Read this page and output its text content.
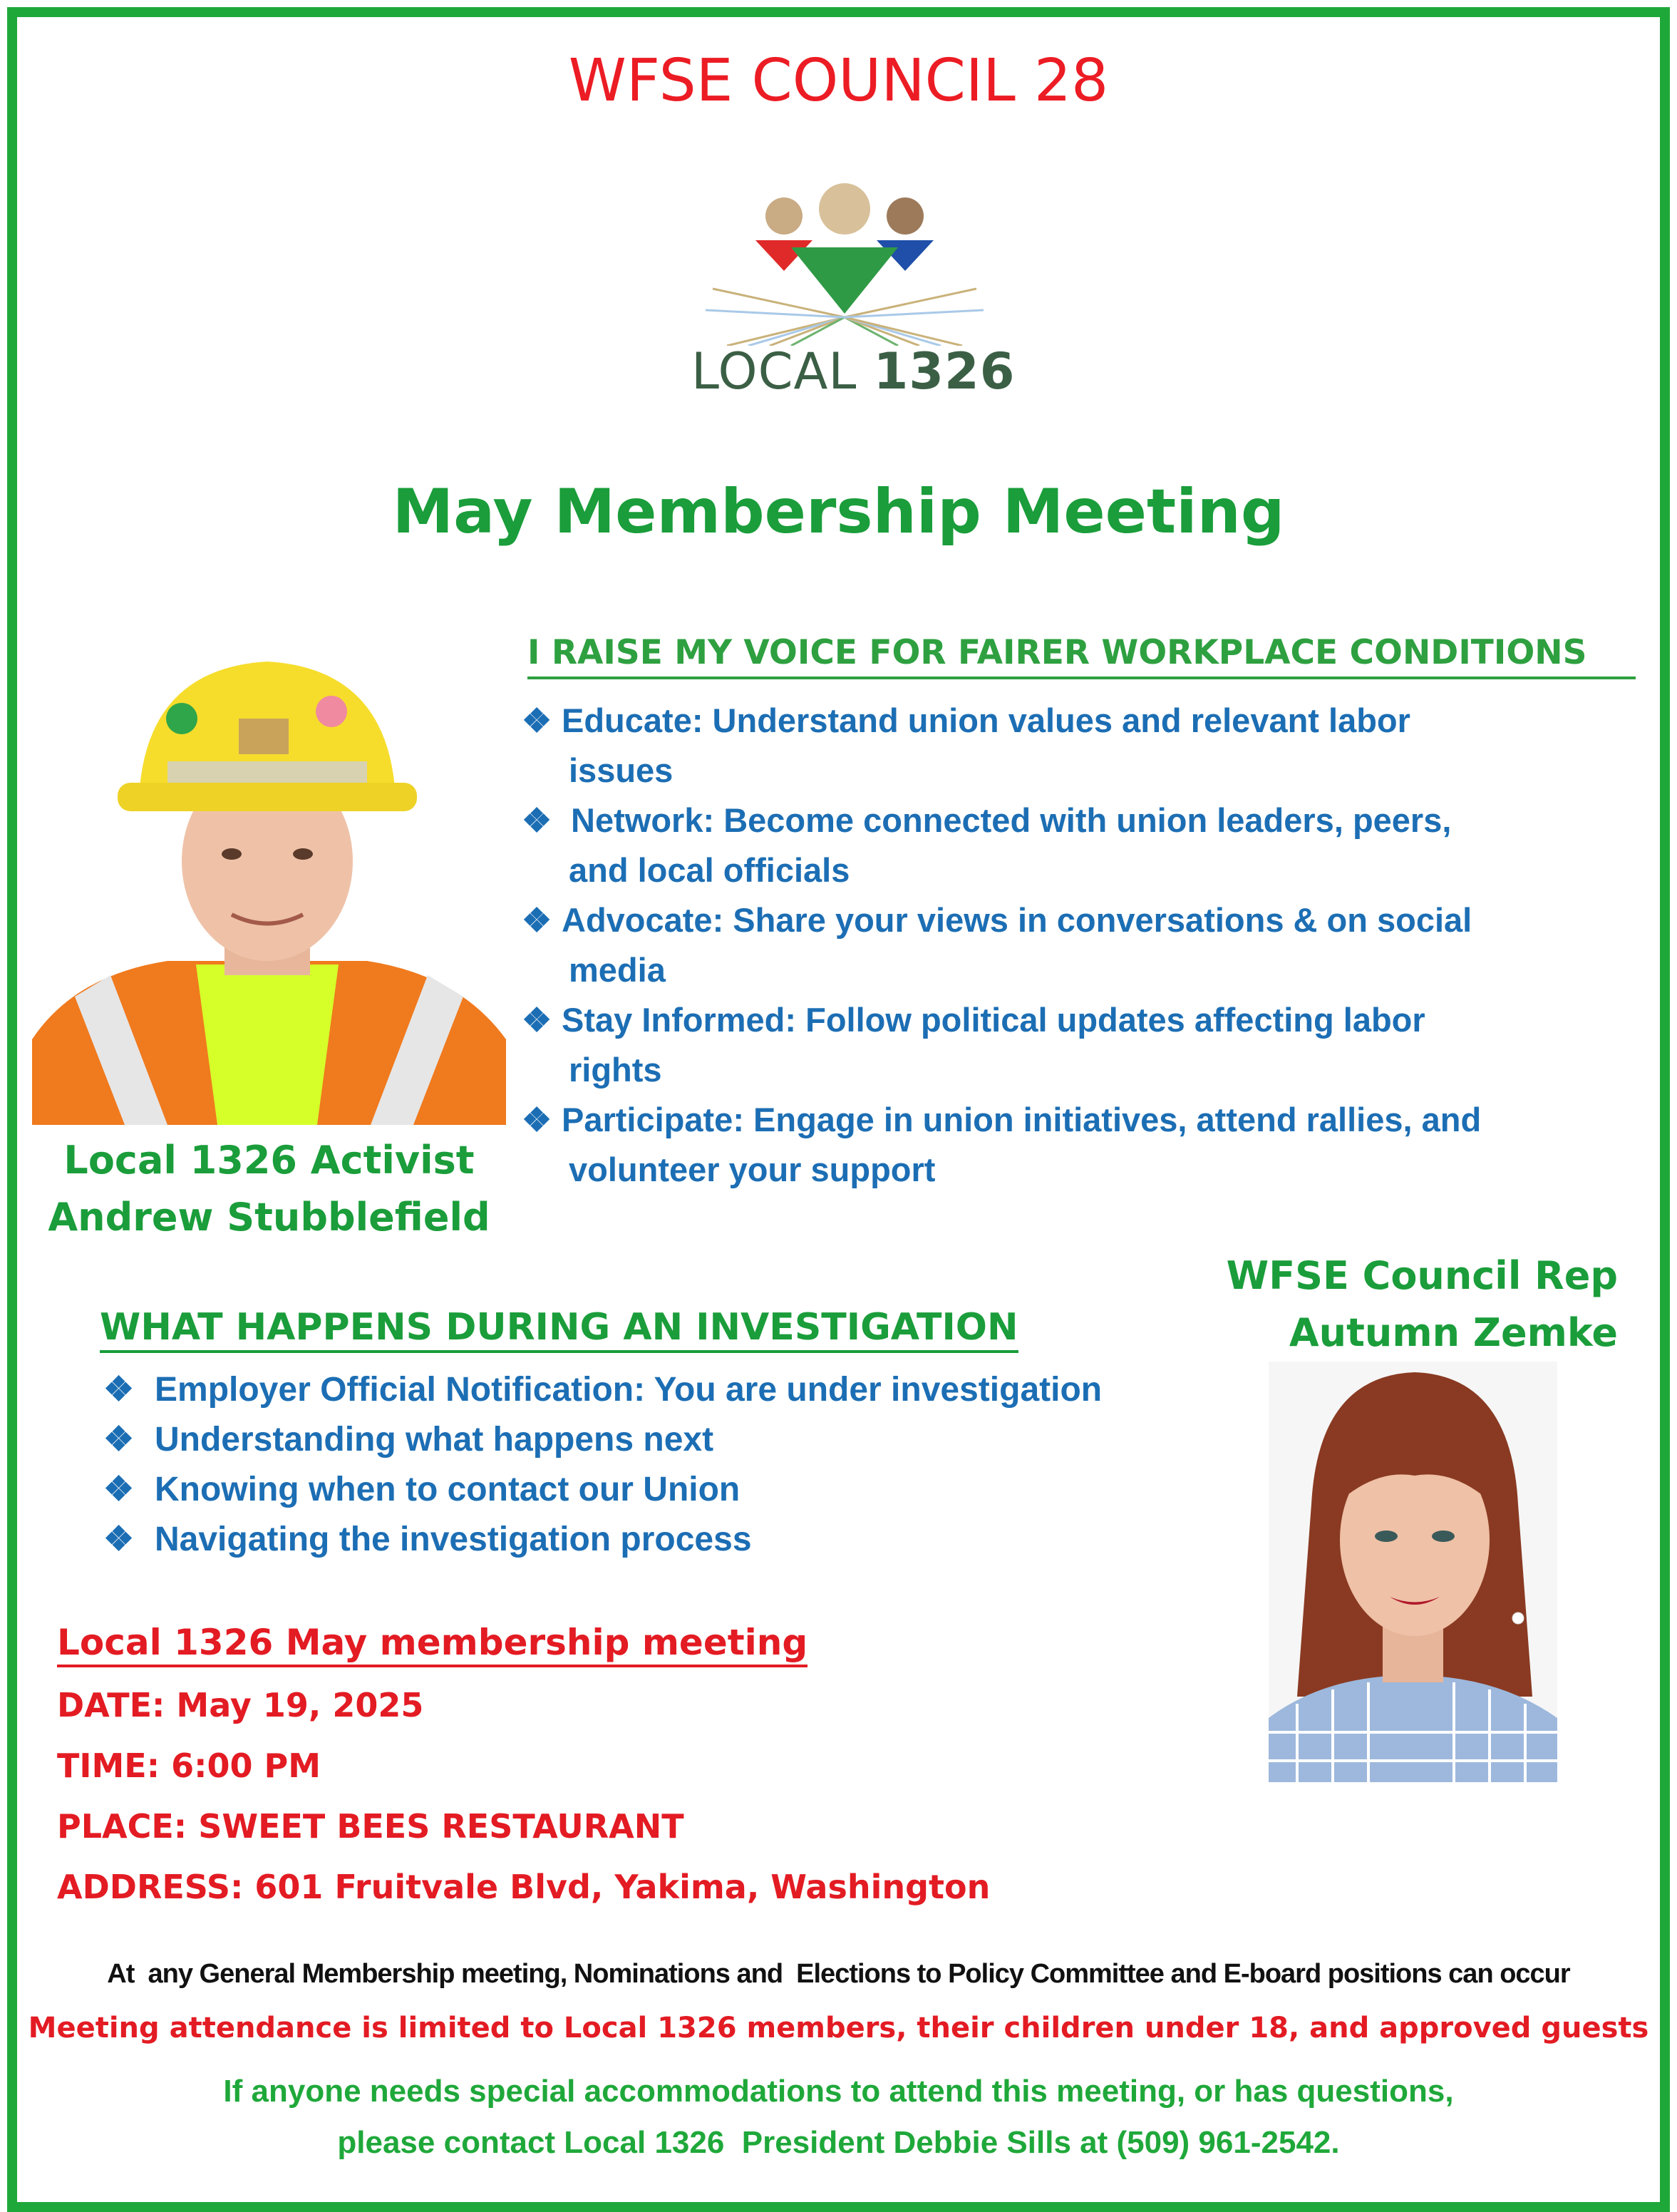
WFSE COUNCIL 28
LOCAL 1326
May Membership Meeting
Local 1326 Activist
Andrew Stubblefield
I RAISE MY VOICE FOR FAIRER WORKPLACE CONDITIONS
❖ Educate: Understand union values and relevant labor
issues
❖ Network: Become connected with union leaders, peers,
and local officials
❖ Advocate: Share your views in conversations & on social
media
❖ Stay Informed: Follow political updates affecting labor
rights
❖ Participate: Engage in union initiatives, attend rallies, and
volunteer your support
WFSE Council Rep
Autumn Zemke
WHAT HAPPENS DURING AN INVESTIGATION
❖ Employer Official Notification: You are under investigation
❖ Understanding what happens next
❖ Knowing when to contact our Union
❖ Navigating the investigation process
Local 1326 May membership meeting
DATE: May 19, 2025
TIME: 6:00 PM
PLACE: SWEET BEES RESTAURANT
ADDRESS: 601 Fruitvale Blvd, Yakima, Washington
At  any General Membership meeting, Nominations and  Elections to Policy Committee and E-board positions can occur
Meeting attendance is limited to Local 1326 members, their children under 18, and approved guests
If anyone needs special accommodations to attend this meeting, or has questions,
please contact Local 1326  President Debbie Sills at (509) 961-2542.
